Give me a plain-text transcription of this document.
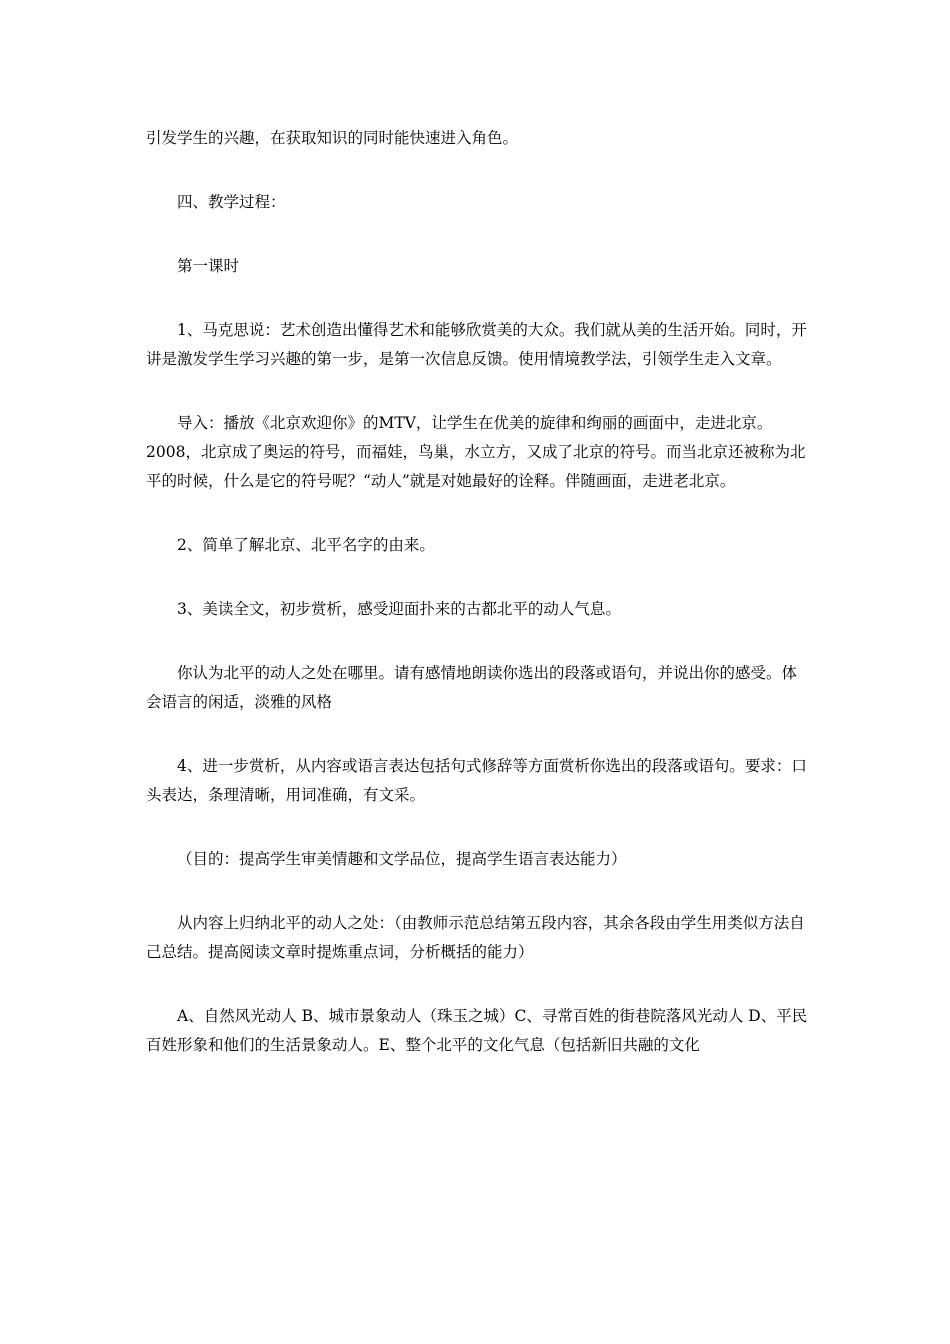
引发学生的兴趣，在获取知识的同时能快速进入角色。

四、教学过程：

第一课时

1、马克思说：艺术创造出懂得艺术和能够欣赏美的大众。我们就从美的生活开始。同时，开讲是激发学生学习兴趣的第一步，是第一次信息反馈。使用情境教学法，引领学生走入文章。

导入：播放《北京欢迎你》的MTV，让学生在优美的旋律和绚丽的画面中，走进北京。2008，北京成了奥运的符号，而福娃，鸟巢，水立方，又成了北京的符号。而当北京还被称为北平的时候，什么是它的符号呢？“动人”就是对她最好的诠释。伴随画面，走进老北京。

2、简单了解北京、北平名字的由来。

3、美读全文，初步赏析，感受迎面扑来的古都北平的动人气息。

你认为北平的动人之处在哪里。请有感情地朗读你选出的段落或语句，并说出你的感受。体会语言的闲适，淡雅的风格

4、进一步赏析，从内容或语言表达包括句式修辞等方面赏析你选出的段落或语句。要求：口头表达，条理清晰，用词准确，有文采。

（目的：提高学生审美情趣和文学品位，提高学生语言表达能力）

从内容上归纳北平的动人之处：（由教师示范总结第五段内容，其余各段由学生用类似方法自己总结。提高阅读文章时提炼重点词，分析概括的能力）

A、自然风光动人 B、城市景象动人（珠玉之城）C、寻常百姓的街巷院落风光动人 D、平民百姓形象和他们的生活景象动人。E、整个北平的文化气息（包括新旧共融的文化
